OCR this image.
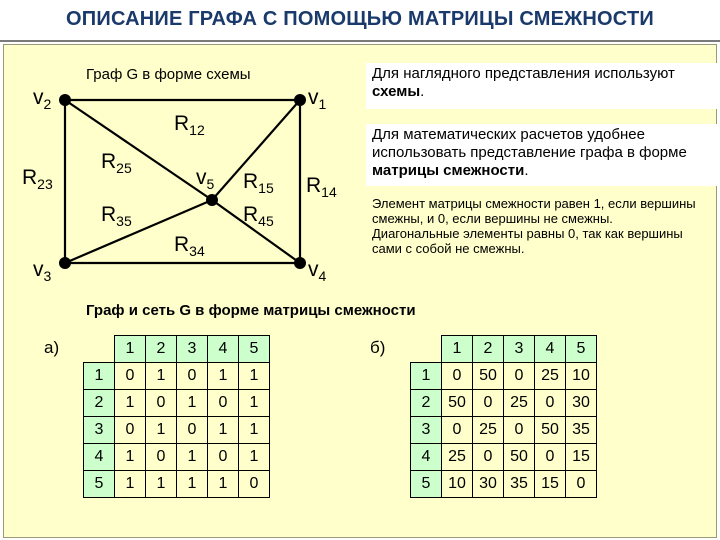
ОПИСАНИЕ ГРАФА С ПОМОЩЬЮ МАТРИЦЫ СМЕЖНОСТИ
Граф G в форме схемы
$v_1$
$v_2$
$v_3$	$v_4$
$v_5$
$R_{12}$
$R_{23}$
$R_{25}$
$R_{35}$
$R_{34}$
$R_{15}$
$R_{45}$
$R_{14}$
Для наглядного представления используют схемы.
Для математических расчетов удобнее использовать представление графа в форме матрицы смежности.
Элемент матрицы смежности равен 1, если вершины смежны, и 0, если вершины не смежны.
Диагональные элементы равны 0, так как вершины сами с собой не смежны.
Граф и сеть G в форме матрицы смежности
а)
		1	2	3	4	5
1	0	1	0	1	1
2	1	0	1	0	1
3	0	1	0	1	1
4	1	0	1	0	1
5	1	1	1	1	0
б)
		1	2	3	4	5
1	0	50	0	25	10
2	50	0	25	0	30
3	0	25	0	50	35
4	25	0	50	0	15
5	10	30	35	15	0
